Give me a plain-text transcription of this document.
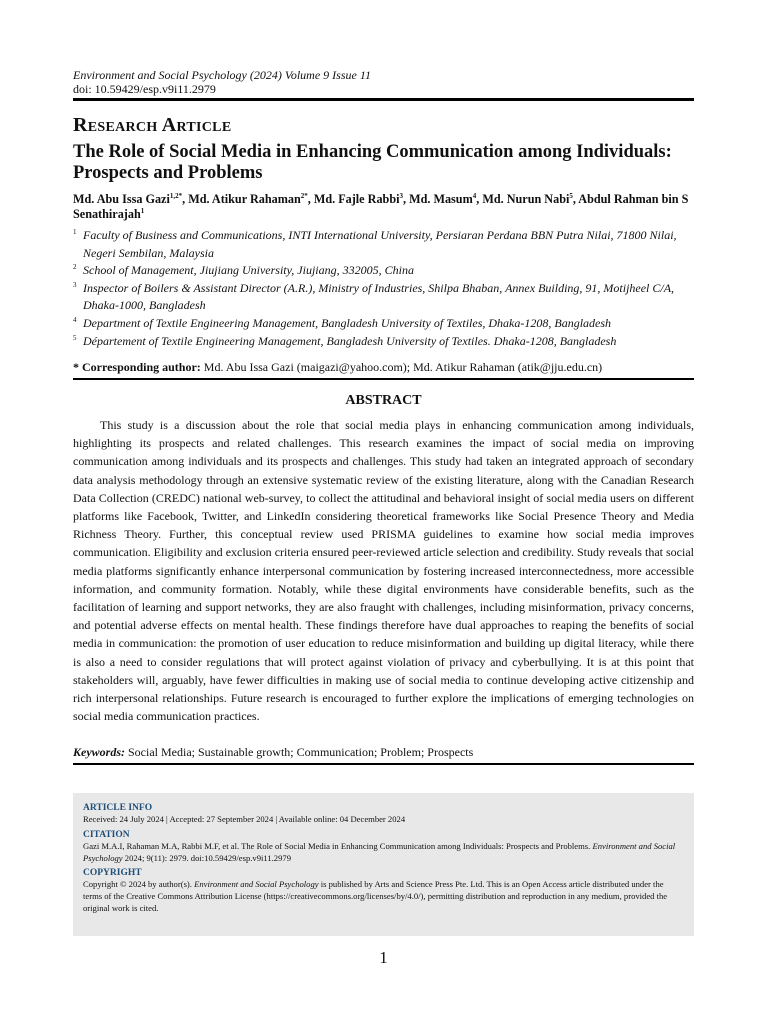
Environment and Social Psychology (2024) Volume 9 Issue 11
doi: 10.59429/esp.v9i11.2979
Research Article
The Role of Social Media in Enhancing Communication among Individuals: Prospects and Problems
Md. Abu Issa Gazi$^{1,2*}$, Md. Atikur Rahaman$^{2*}$, Md. Fajle Rabbi$^3$, Md. Masum$^4$, Md. Nurun Nabi$^5$, Abdul Rahman bin S Senathirajah$^1$
1 Faculty of Business and Communications, INTI International University, Persiaran Perdana BBN Putra Nilai, 71800 Nilai, Negeri Sembilan, Malaysia
2 School of Management, Jiujiang University, Jiujiang, 332005, China
3 Inspector of Boilers & Assistant Director (A.R.), Ministry of Industries, Shilpa Bhaban, Annex Building, 91, Motijheel C/A, Dhaka-1000, Bangladesh
4 Department of Textile Engineering Management, Bangladesh University of Textiles, Dhaka-1208, Bangladesh
5 Département of Textile Engineering Management, Bangladesh University of Textiles. Dhaka-1208, Bangladesh
* Corresponding author: Md. Abu Issa Gazi (maigazi@yahoo.com); Md. Atikur Rahaman (atik@jju.edu.cn)
ABSTRACT

This study is a discussion about the role that social media plays in enhancing communication among individuals, highlighting its prospects and related challenges. This research examines the impact of social media on improving communication among individuals and its prospects and challenges. This study had taken an integrated approach of secondary data analysis methodology through an extensive systematic review of the existing literature, along with the Canadian Research Data Collection (CREDC) national web-survey, to collect the attitudinal and behavioral insight of social media users on different platforms like Facebook, Twitter, and LinkedIn considering theoretical frameworks like Social Presence Theory and Media Richness Theory. Further, this conceptual review used PRISMA guidelines to examine how social media improves communication. Eligibility and exclusion criteria ensured peer-reviewed article selection and credibility. Study reveals that social media platforms significantly enhance interpersonal communication by fostering increased interconnectedness, more accessible information, and community formation. Notably, while these digital environments have considerable benefits, such as the facilitation of learning and support networks, they are also fraught with challenges, including misinformation, privacy concerns, and potential adverse effects on mental health. These findings therefore have dual approaches to reaping the benefits of social media in communication: the promotion of user education to reduce misinformation and building up digital literacy, while there is also a need to consider regulations that will protect against violation of privacy and cyberbullying. It is at this point that stakeholders will, arguably, have fewer difficulties in making use of social media to continue developing active citizenship and rich interpersonal relationships. Future research is encouraged to further explore the implications of emerging technologies on social media communication practices.

Keywords: Social Media; Sustainable growth; Communication; Problem; Prospects

ARTICLE INFO

Received: 24 July 2024 | Accepted: 27 September 2024 | Available online: 04 December 2024

CITATION

Gazi M.A.I, Rahaman M.A, Rabbi M.F, et al. The Role of Social Media in Enhancing Communication among Individuals: Prospects and Problems. Environment and Social Psychology 2024; 9(11): 2979. doi:10.59429/esp.v9i11.2979

COPYRIGHT

Copyright © 2024 by author(s). Environment and Social Psychology is published by Arts and Science Press Pte. Ltd. This is an Open Access article distributed under the terms of the Creative Commons Attribution License (https://creativecommons.org/licenses/by/4.0/), permitting distribution and reproduction in any medium, provided the original work is cited.

1
